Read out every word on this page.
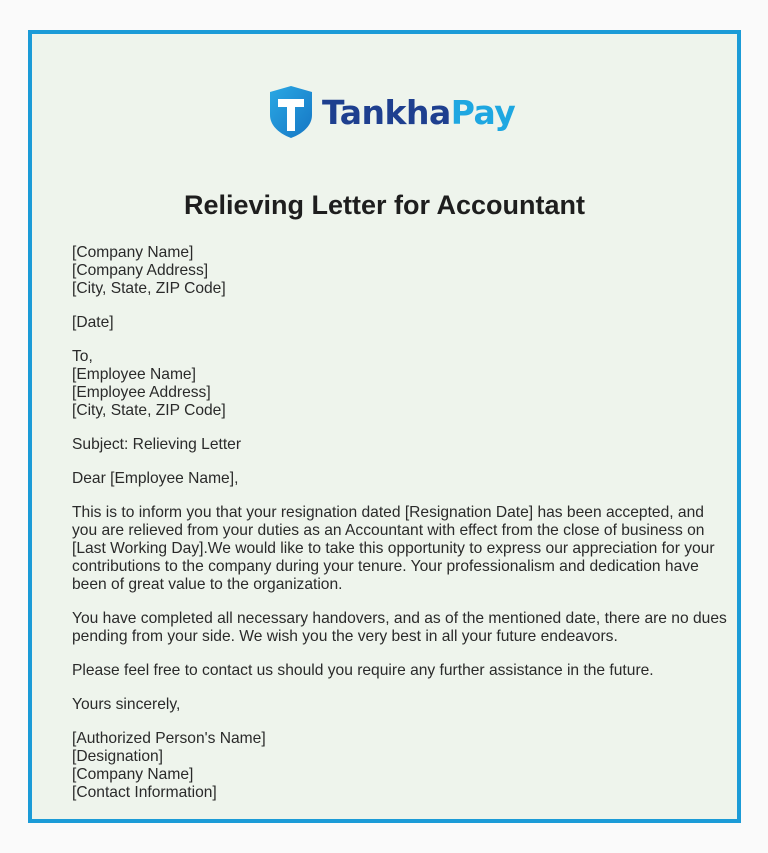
TankhaPay
Relieving Letter for Accountant
[Company Name]
[Company Address]
[City, State, ZIP Code]
[Date]
To,
[Employee Name]
[Employee Address]
[City, State, ZIP Code]
Subject: Relieving Letter
Dear [Employee Name],

This is to inform you that your resignation dated [Resignation Date] has been accepted, and you are relieved from your duties as an Accountant with effect from the close of business on [Last Working Day].We would like to take this opportunity to express our appreciation for your contributions to the company during your tenure. Your professionalism and dedication have been of great value to the organization.

You have completed all necessary handovers, and as of the mentioned date, there are no dues pending from your side. We wish you the very best in all your future endeavors.

Please feel free to contact us should you require any further assistance in the future.

Yours sincerely,
[Authorized Person's Name]
[Designation]
[Company Name]
[Contact Information]
